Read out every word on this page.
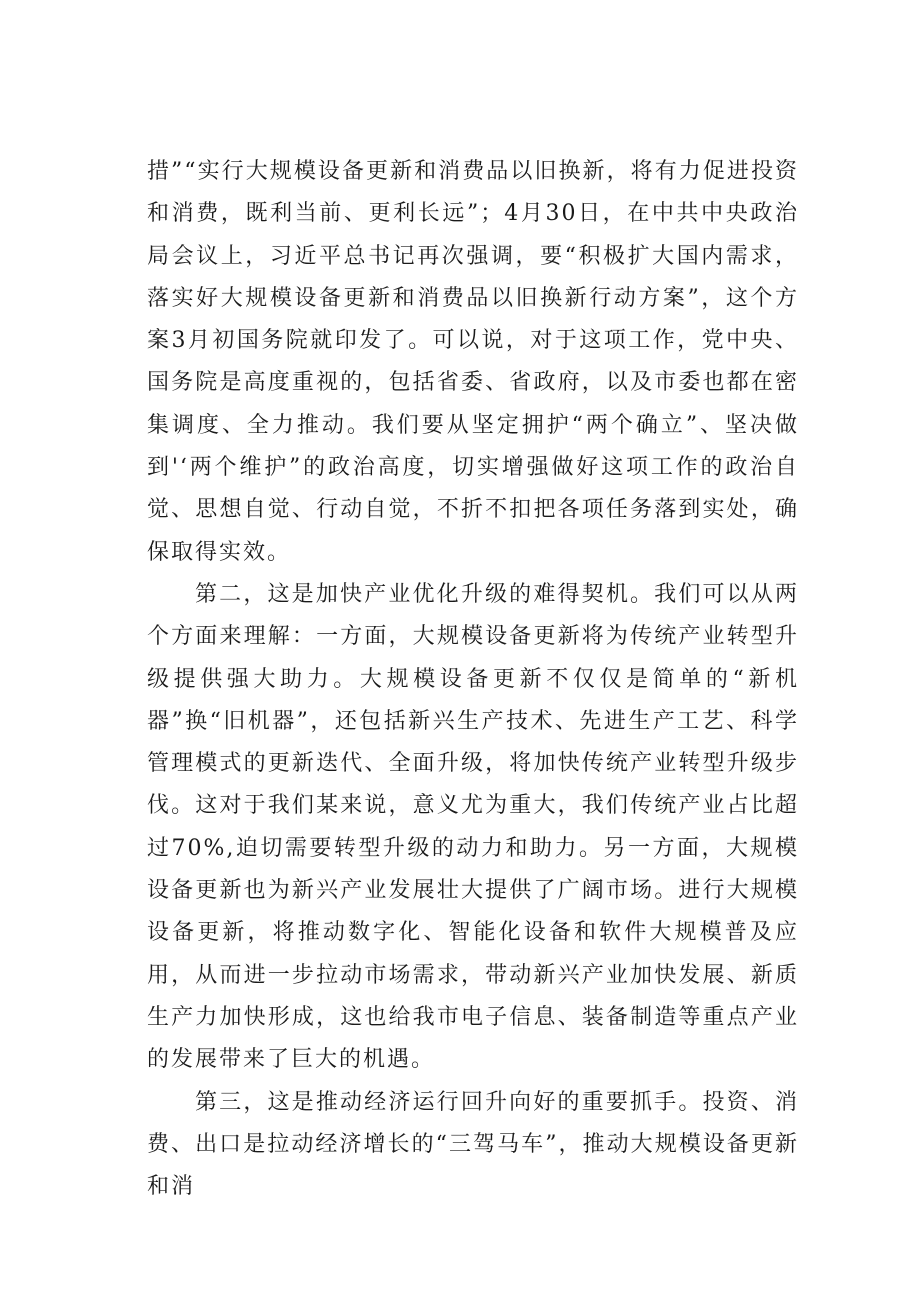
措”“实行大规模设备更新和消费品以旧换新，将有力促进投资和消费，既利当前、更利长远”；4月30日，在中共中央政治局会议上，习近平总书记再次强调，要“积极扩大国内需求，落实好大规模设备更新和消费品以旧换新行动方案”，这个方案3月初国务院就印发了。可以说，对于这项工作，党中央、国务院是高度重视的，包括省委、省政府，以及市委也都在密集调度、全力推动。我们要从坚定拥护“两个确立”、坚决做到'‘两个维护”的政治高度，切实增强做好这项工作的政治自觉、思想自觉、行动自觉，不折不扣把各项任务落到实处，确保取得实效。

第二，这是加快产业优化升级的难得契机。我们可以从两个方面来理解：一方面，大规模设备更新将为传统产业转型升级提供强大助力。大规模设备更新不仅仅是简单的“新机器”换“旧机器”，还包括新兴生产技术、先进生产工艺、科学管理模式的更新迭代、全面升级，将加快传统产业转型升级步伐。这对于我们某来说，意义尤为重大，我们传统产业占比超过70%,迫切需要转型升级的动力和助力。另一方面，大规模设备更新也为新兴产业发展壮大提供了广阔市场。进行大规模设备更新，将推动数字化、智能化设备和软件大规模普及应用，从而进一步拉动市场需求，带动新兴产业加快发展、新质生产力加快形成，这也给我市电子信息、装备制造等重点产业的发展带来了巨大的机遇。

第三，这是推动经济运行回升向好的重要抓手。投资、消费、出口是拉动经济增长的“三驾马车”，推动大规模设备更新和消
